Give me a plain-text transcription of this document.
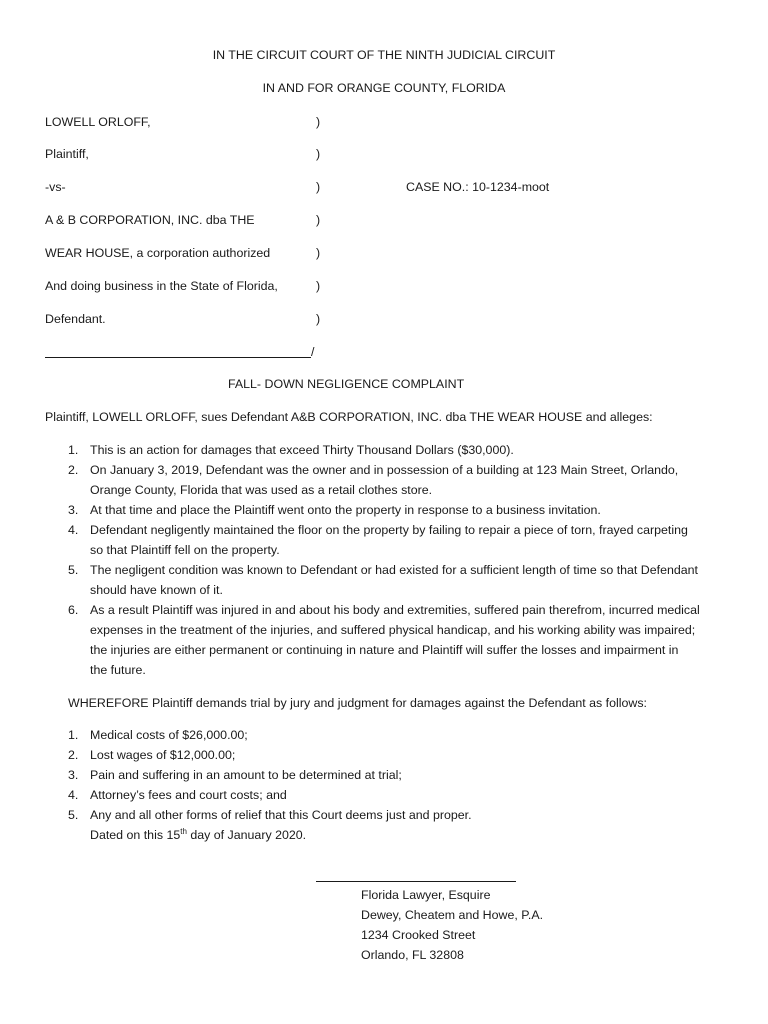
IN THE CIRCUIT COURT OF THE NINTH JUDICIAL CIRCUIT
IN AND FOR ORANGE COUNTY, FLORIDA
LOWELL ORLOFF,
Plaintiff,
-vs-
A & B CORPORATION, INC. dba THE
WEAR HOUSE, a corporation authorized
And doing business in the State of Florida,
Defendant.
)
)
)
)
)
)
)
/
CASE NO.: 10-1234-moot
FALL- DOWN NEGLIGENCE COMPLAINT
Plaintiff, LOWELL ORLOFF, sues Defendant A&B CORPORATION, INC. dba THE WEAR HOUSE and alleges:
1. This is an action for damages that exceed Thirty Thousand Dollars ($30,000).
2. On January 3, 2019, Defendant was the owner and in possession of a building at 123 Main Street, Orlando,
Orange County, Florida that was used as a retail clothes store.
3. At that time and place the Plaintiff went onto the property in response to a business invitation.
4. Defendant negligently maintained the floor on the property by failing to repair a piece of torn, frayed carpeting
so that Plaintiff fell on the property.
5. The negligent condition was known to Defendant or had existed for a sufficient length of time so that Defendant
should have known of it.
6. As a result Plaintiff was injured in and about his body and extremities, suffered pain therefrom, incurred medical
expenses in the treatment of the injuries, and suffered physical handicap, and his working ability was impaired;
the injuries are either permanent or continuing in nature and Plaintiff will suffer the losses and impairment in
the future.
WHEREFORE Plaintiff demands trial by jury and judgment for damages against the Defendant as follows:
1. Medical costs of $26,000.00;
2. Lost wages of $12,000.00;
3. Pain and suffering in an amount to be determined at trial;
4. Attorney’s fees and court costs; and
5. Any and all other forms of relief that this Court deems just and proper.
Dated on this 15th day of January 2020.
Florida Lawyer, Esquire
Dewey, Cheatem and Howe, P.A.
1234 Crooked Street
Orlando, FL 32808
